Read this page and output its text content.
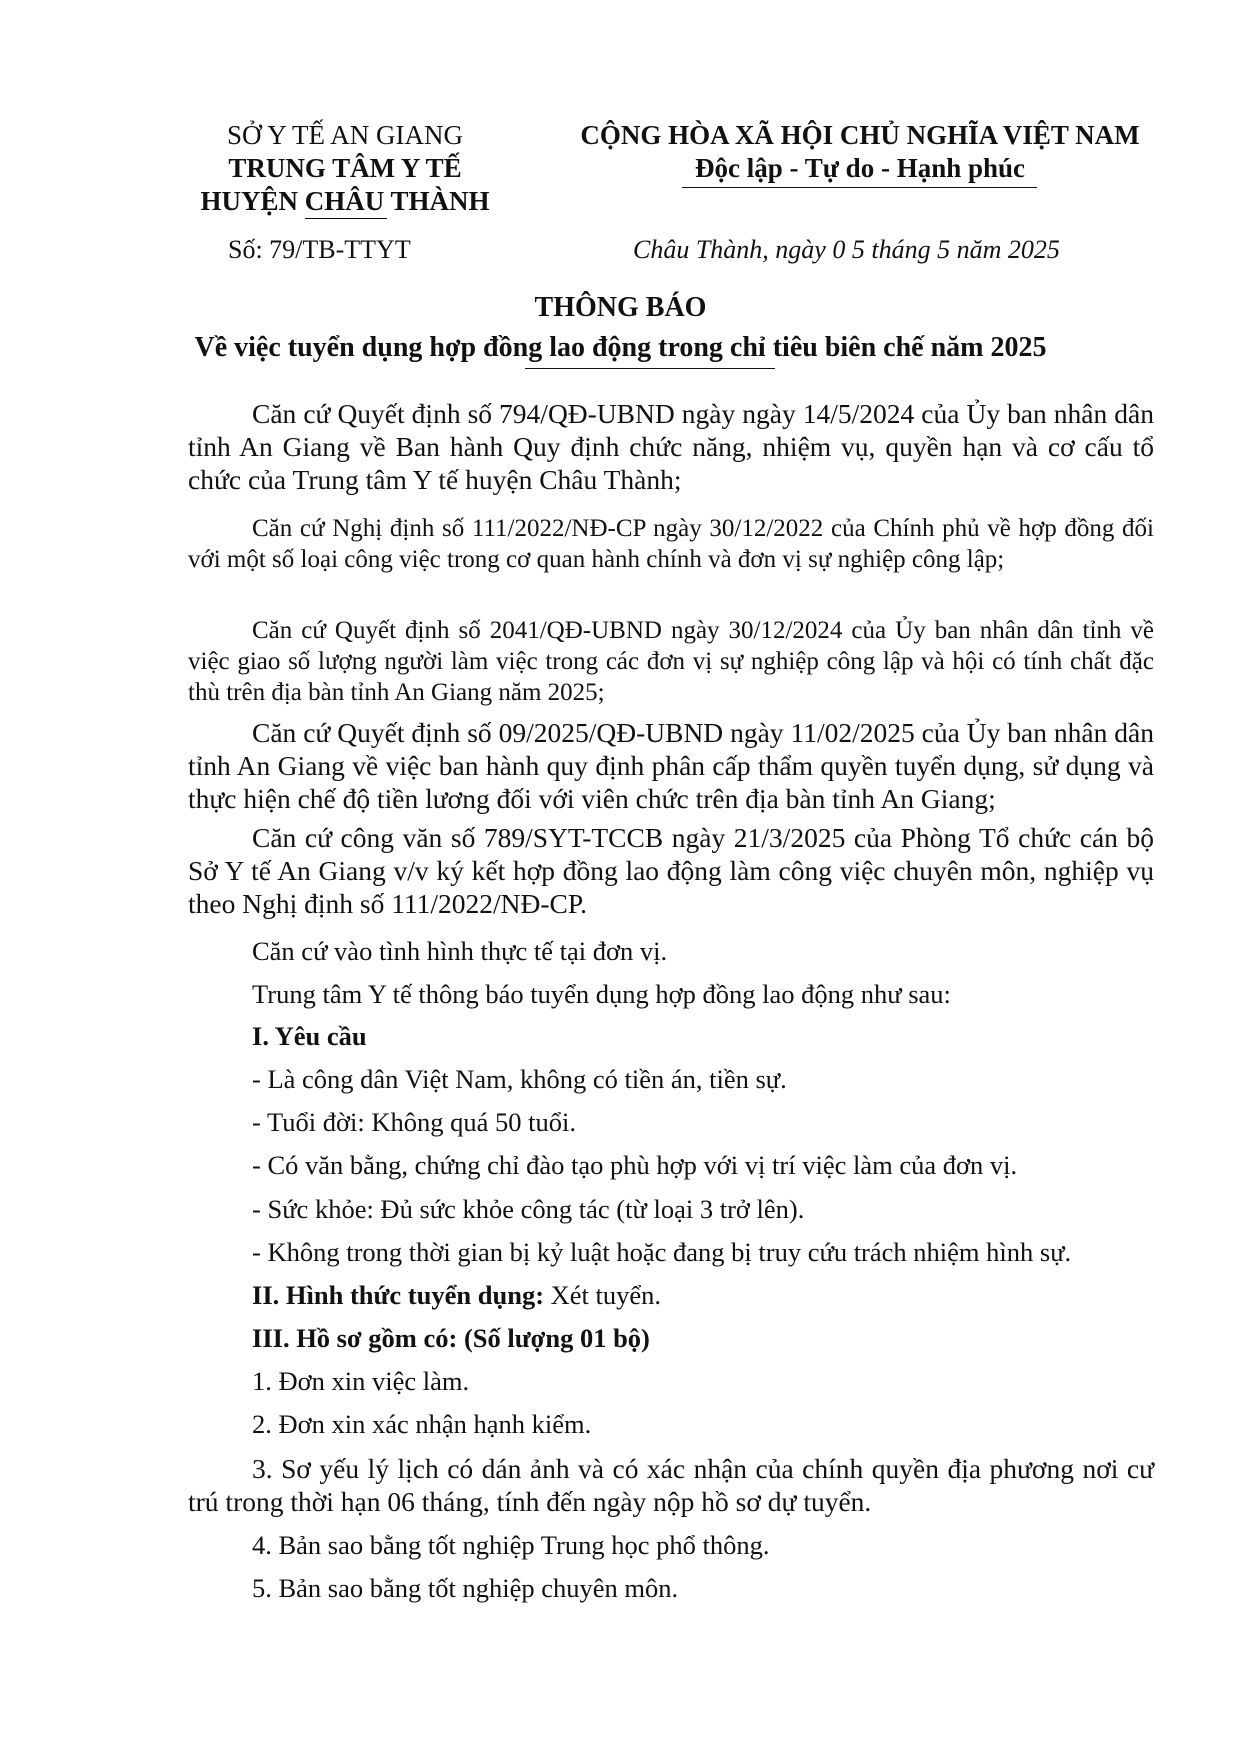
SỞ Y TẾ AN GIANG
TRUNG TÂM Y TẾ
HUYỆN CHÂU THÀNH
Số: 79/TB-TTYT
CỘNG HÒA XÃ HỘI CHỦ NGHĨA VIỆT NAM
Độc lập - Tự do - Hạnh phúc
Châu Thành, ngày 0 5 tháng 5 năm 2025
THÔNG BÁO
Về việc tuyển dụng hợp đồng lao động trong chỉ tiêu biên chế năm 2025
Căn cứ Quyết định số 794/QĐ-UBND ngày ngày 14/5/2024 của Ủy ban nhân dân tỉnh An Giang về Ban hành Quy định chức năng, nhiệm vụ, quyền hạn và cơ cấu tổ chức của Trung tâm Y tế huyện Châu Thành;
Căn cứ Nghị định số 111/2022/NĐ-CP ngày 30/12/2022 của Chính phủ về hợp đồng đối với một số loại công việc trong cơ quan hành chính và đơn vị sự nghiệp công lập;
Căn cứ Quyết định số 2041/QĐ-UBND ngày 30/12/2024 của Ủy ban nhân dân tỉnh về việc giao số lượng người làm việc trong các đơn vị sự nghiệp công lập và hội có tính chất đặc thù trên địa bàn tỉnh An Giang năm 2025;
Căn cứ Quyết định số 09/2025/QĐ-UBND ngày 11/02/2025 của Ủy ban nhân dân tỉnh An Giang về việc ban hành quy định phân cấp thẩm quyền tuyển dụng, sử dụng và thực hiện chế độ tiền lương đối với viên chức trên địa bàn tỉnh An Giang;
Căn cứ công văn số 789/SYT-TCCB ngày 21/3/2025 của Phòng Tổ chức cán bộ Sở Y tế An Giang v/v ký kết hợp đồng lao động làm công việc chuyên môn, nghiệp vụ theo Nghị định số 111/2022/NĐ-CP.
Căn cứ vào tình hình thực tế tại đơn vị.
Trung tâm Y tế thông báo tuyển dụng hợp đồng lao động như sau:
I. Yêu cầu
- Là công dân Việt Nam, không có tiền án, tiền sự.
- Tuổi đời: Không quá 50 tuổi.
- Có văn bằng, chứng chỉ đào tạo phù hợp với vị trí việc làm của đơn vị.
- Sức khỏe: Đủ sức khỏe công tác (từ loại 3 trở lên).
- Không trong thời gian bị kỷ luật hoặc đang bị truy cứu trách nhiệm hình sự.
II. Hình thức tuyển dụng: Xét tuyển.
III. Hồ sơ gồm có: (Số lượng 01 bộ)
1. Đơn xin việc làm.
2. Đơn xin xác nhận hạnh kiểm.
3. Sơ yếu lý lịch có dán ảnh và có xác nhận của chính quyền địa phương nơi cư trú trong thời hạn 06 tháng, tính đến ngày nộp hồ sơ dự tuyển.
4. Bản sao bằng tốt nghiệp Trung học phổ thông.
5. Bản sao bằng tốt nghiệp chuyên môn.
